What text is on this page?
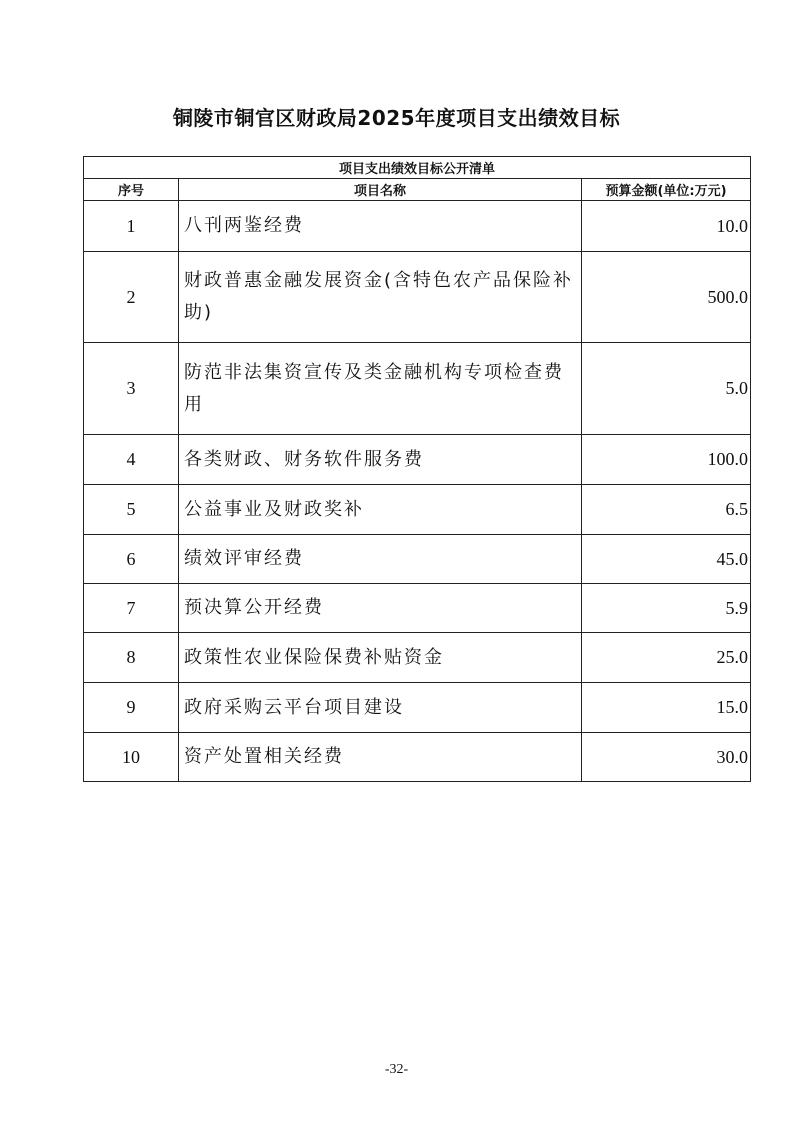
铜陵市铜官区财政局2025年度项目支出绩效目标
项目支出绩效目标公开清单		
序号	项目名称	预算金额(单位:万元)
1	八刊两鉴经费	10.0
2	财政普惠金融发展资金(含特色农产品保险补助)	500.0
3	防范非法集资宣传及类金融机构专项检查费用	5.0
4	各类财政、财务软件服务费	100.0
5	公益事业及财政奖补	6.5
6	绩效评审经费	45.0
7	预决算公开经费	5.9
8	政策性农业保险保费补贴资金	25.0
9	政府采购云平台项目建设	15.0
10	资产处置相关经费	30.0
-32-
